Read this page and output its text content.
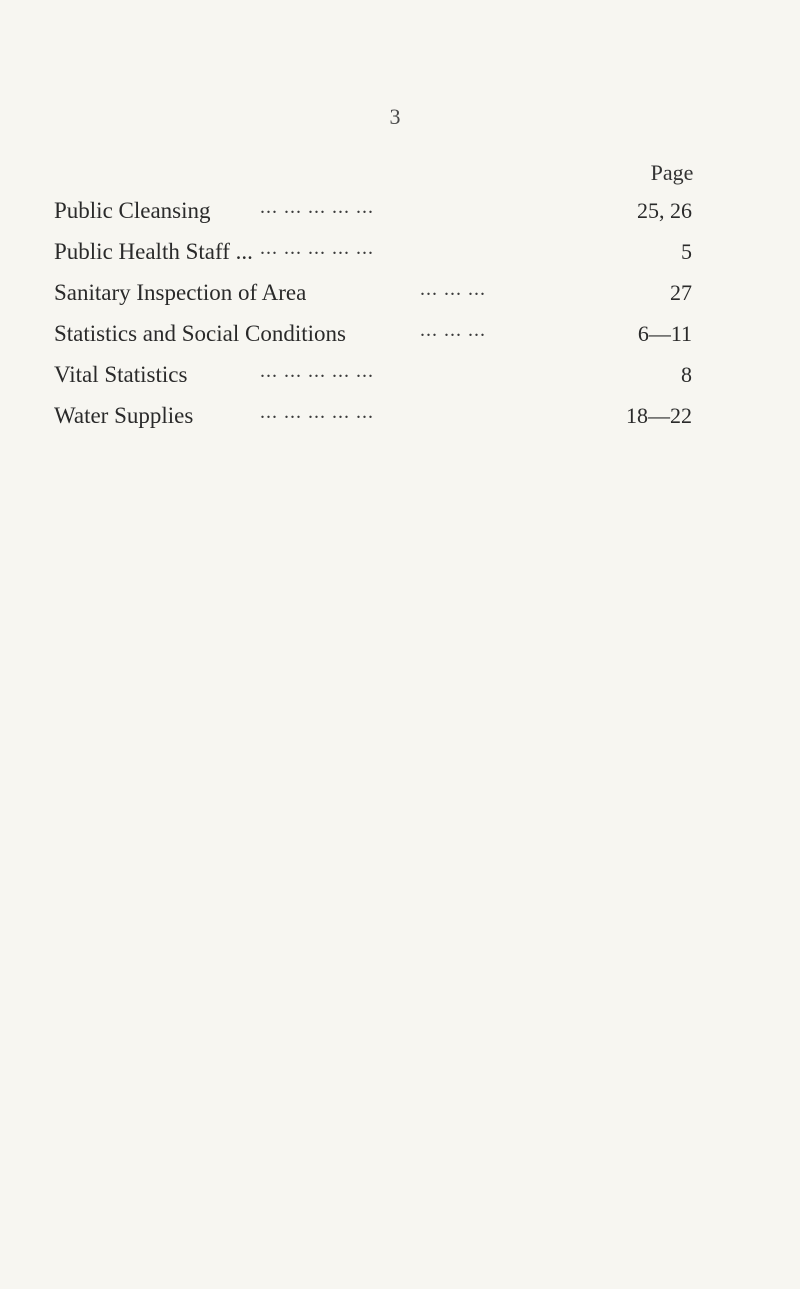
3
Page
Public Cleansing ... ... ... ... ...	25, 26
Public Health Staff ... ... ... ... ... ...	5
Sanitary Inspection of Area	... ... ...	27
Statistics and Social Conditions	... ... ...	6—11
Vital Statistics	... ... ... ... ...	8
Water Supplies	... ... ... ... ...	18—22
